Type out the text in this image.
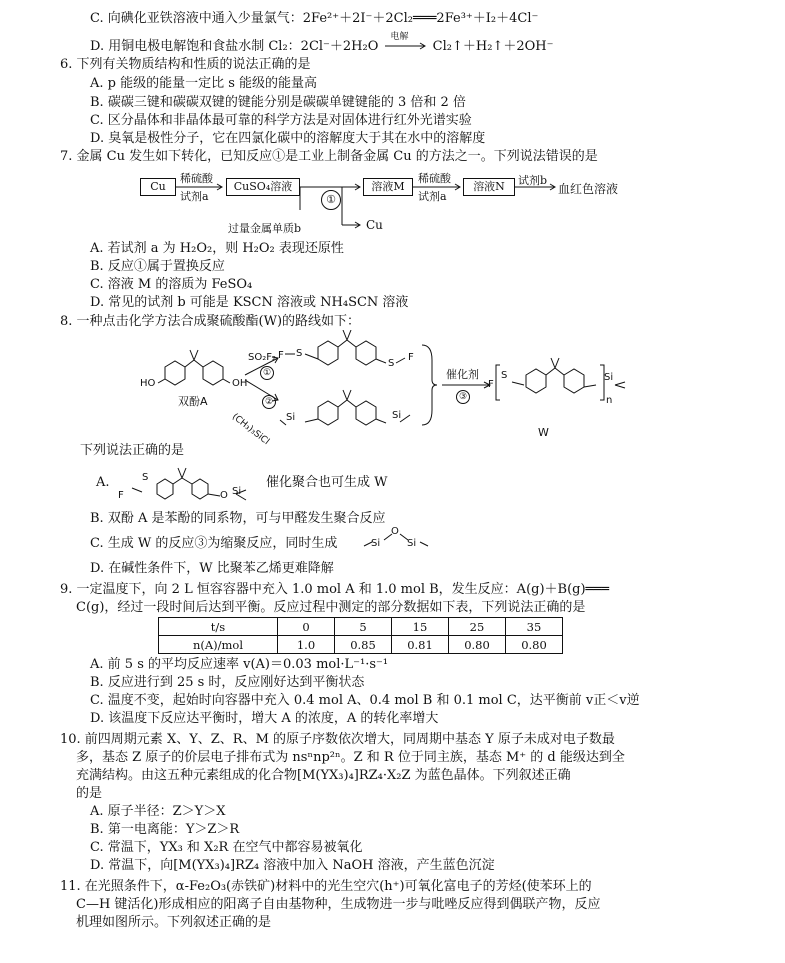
C. 向碘化亚铁溶液中通入少量氯气：2Fe²⁺＋2I⁻＋2Cl₂═══2Fe³⁺＋I₂＋4Cl⁻
D. 用铜电极电解饱和食盐水制 Cl₂：2Cl⁻＋2H₂O
电解
Cl₂↑＋H₂↑＋2OH⁻
6. 下列有关物质结构和性质的说法正确的是
A. p 能级的能量一定比 s 能级的能量高
B. 碳碳三键和碳碳双键的键能分别是碳碳单键键能的 3 倍和 2 倍
C. 区分晶体和非晶体最可靠的科学方法是对固体进行红外光谱实验
D. 臭氧是极性分子，它在四氯化碳中的溶解度大于其在水中的溶解度
7. 金属 Cu 发生如下转化，已知反应①是工业上制备金属 Cu 的方法之一。下列说法错误的是
Cu
稀硫酸
试剂a
CuSO₄溶液
①
过量金属单质b
溶液M
稀硫酸
试剂a
溶液N	试剂b
血红色溶液
Cu
A. 若试剂 a 为 H₂O₂，则 H₂O₂ 表现还原性
B. 反应①属于置换反应
C. 溶液 M 的溶质为 FeSO₄
D. 常见的试剂 b 可能是 KSCN 溶液或 NH₄SCN 溶液
8. 一种点击化学方法合成聚硫酸酯(W)的路线如下：
HO	OH
双酚A
SO₂F₂
①
②
(CH₃)₃SiCl
F S
S
F
Si	Si
催化剂
③
F
S	Si
n
W
下列说法正确的是
A.
F
S
O Si
催化聚合也可生成 W
B. 双酚 A 是苯酚的同系物，可与甲醛发生聚合反应
C. 生成 W 的反应③为缩聚反应，同时生成	Si
O
Si
D. 在碱性条件下，W 比聚苯乙烯更难降解
9. 一定温度下，向 2 L 恒容容器中充入 1.0 mol A 和 1.0 mol B，发生反应：A(g)＋B(g)═══
C(g)，经过一段时间后达到平衡。反应过程中测定的部分数据如下表，下列说法正确的是
t/s	0	5	15	25	35
n(A)/mol	1.0	0.85	0.81	0.80	0.80
A. 前 5 s 的平均反应速率 v(A)＝0.03 mol·L⁻¹·s⁻¹
B. 反应进行到 25 s 时，反应刚好达到平衡状态
C. 温度不变，起始时向容器中充入 0.4 mol A、0.4 mol B 和 0.1 mol C，达平衡前 v正＜v逆
D. 该温度下反应达平衡时，增大 A 的浓度，A 的转化率增大
10. 前四周期元素 X、Y、Z、R、M 的原子序数依次增大，同周期中基态 Y 原子未成对电子数最
多，基态 Z 原子的价层电子排布式为 nsⁿnp²ⁿ。Z 和 R 位于同主族，基态 M⁺ 的 d 能级达到全
充满结构。由这五种元素组成的化合物[M(YX₃)₄]RZ₄·X₂Z 为蓝色晶体。下列叙述正确
的是
A. 原子半径：Z＞Y＞X
B. 第一电离能：Y＞Z＞R
C. 常温下，YX₃ 和 X₂R 在空气中都容易被氧化
D. 常温下，向[M(YX₃)₄]RZ₄ 溶液中加入 NaOH 溶液，产生蓝色沉淀
11. 在光照条件下，α-Fe₂O₃(赤铁矿)材料中的光生空穴(h⁺)可氧化富电子的芳烃(使苯环上的
C—H 键活化)形成相应的阳离子自由基物种，生成物进一步与吡唑反应得到偶联产物，反应
机理如图所示。下列叙述正确的是
